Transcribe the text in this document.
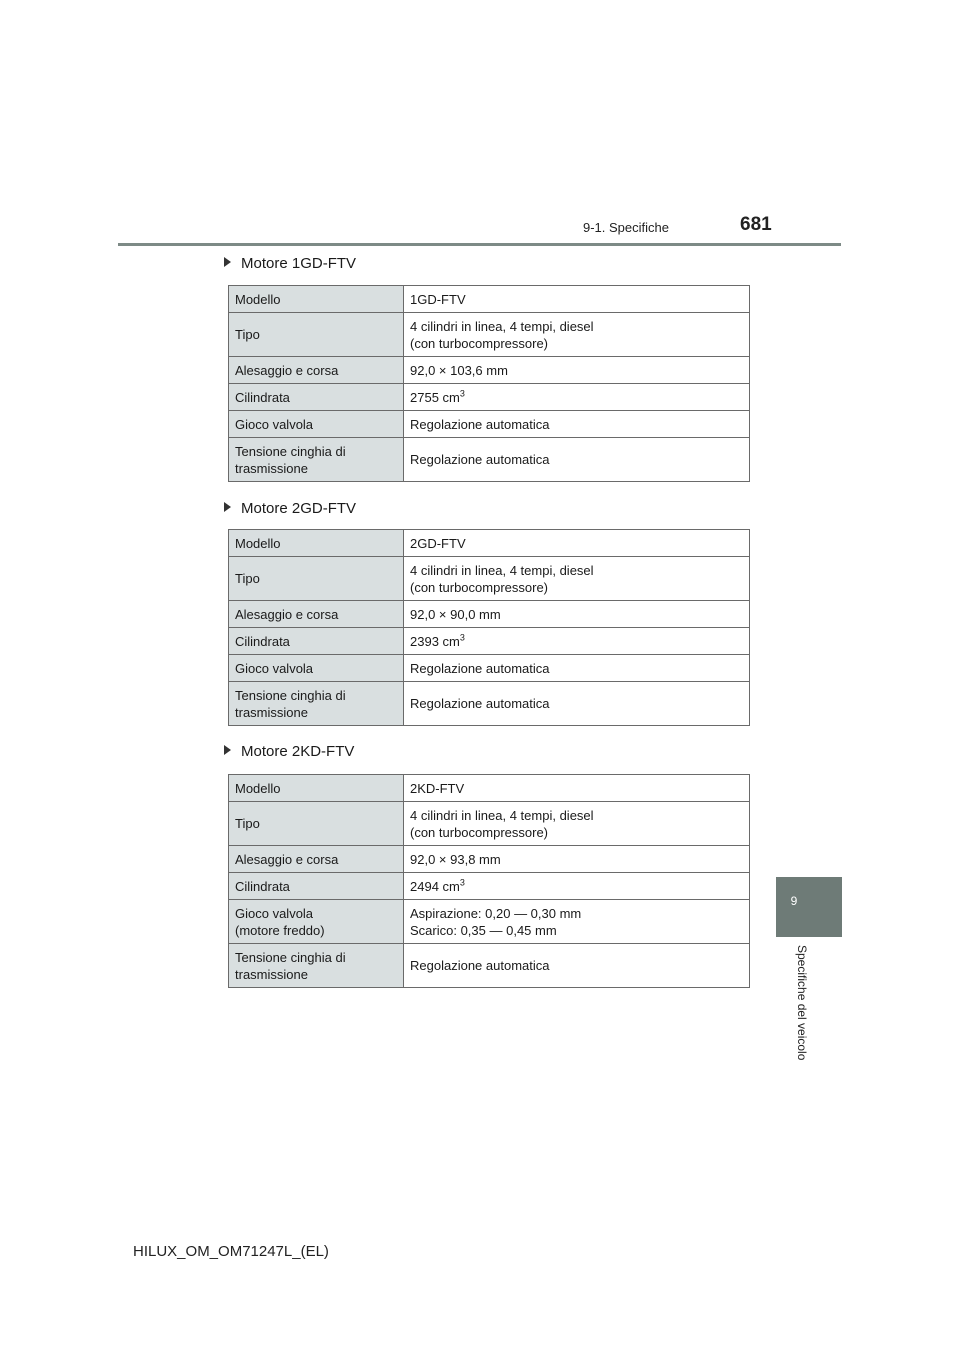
9-1. Specifiche	681
9
Specifiche del veicolo
Motore 1GD-FTV
Modello	1GD-FTV
Tipo	4 cilindri in linea, 4 tempi, diesel
(con turbocompressore)
Alesaggio e corsa	92,0 × 103,6 mm
Cilindrata	2755 $cm^3$
Gioco valvola	Regolazione automatica
Tensione cinghia di
trasmissione	Regolazione automatica
Motore 2GD-FTV
Modello	2GD-FTV
Tipo	4 cilindri in linea, 4 tempi, diesel
(con turbocompressore)
Alesaggio e corsa	92,0 × 90,0 mm
Cilindrata	2393 $cm^3$
Gioco valvola	Regolazione automatica
Tensione cinghia di
trasmissione	Regolazione automatica
Motore 2KD-FTV
Modello	2KD-FTV
Tipo	4 cilindri in linea, 4 tempi, diesel
(con turbocompressore)
Alesaggio e corsa	92,0 × 93,8 mm
Cilindrata	2494 $cm^3$
Gioco valvola
(motore freddo)	Aspirazione: 0,20 — 0,30 mm
Scarico: 0,35 — 0,45 mm
Tensione cinghia di
trasmissione	Regolazione automatica
HILUX_OM_OM71247L_(EL)
